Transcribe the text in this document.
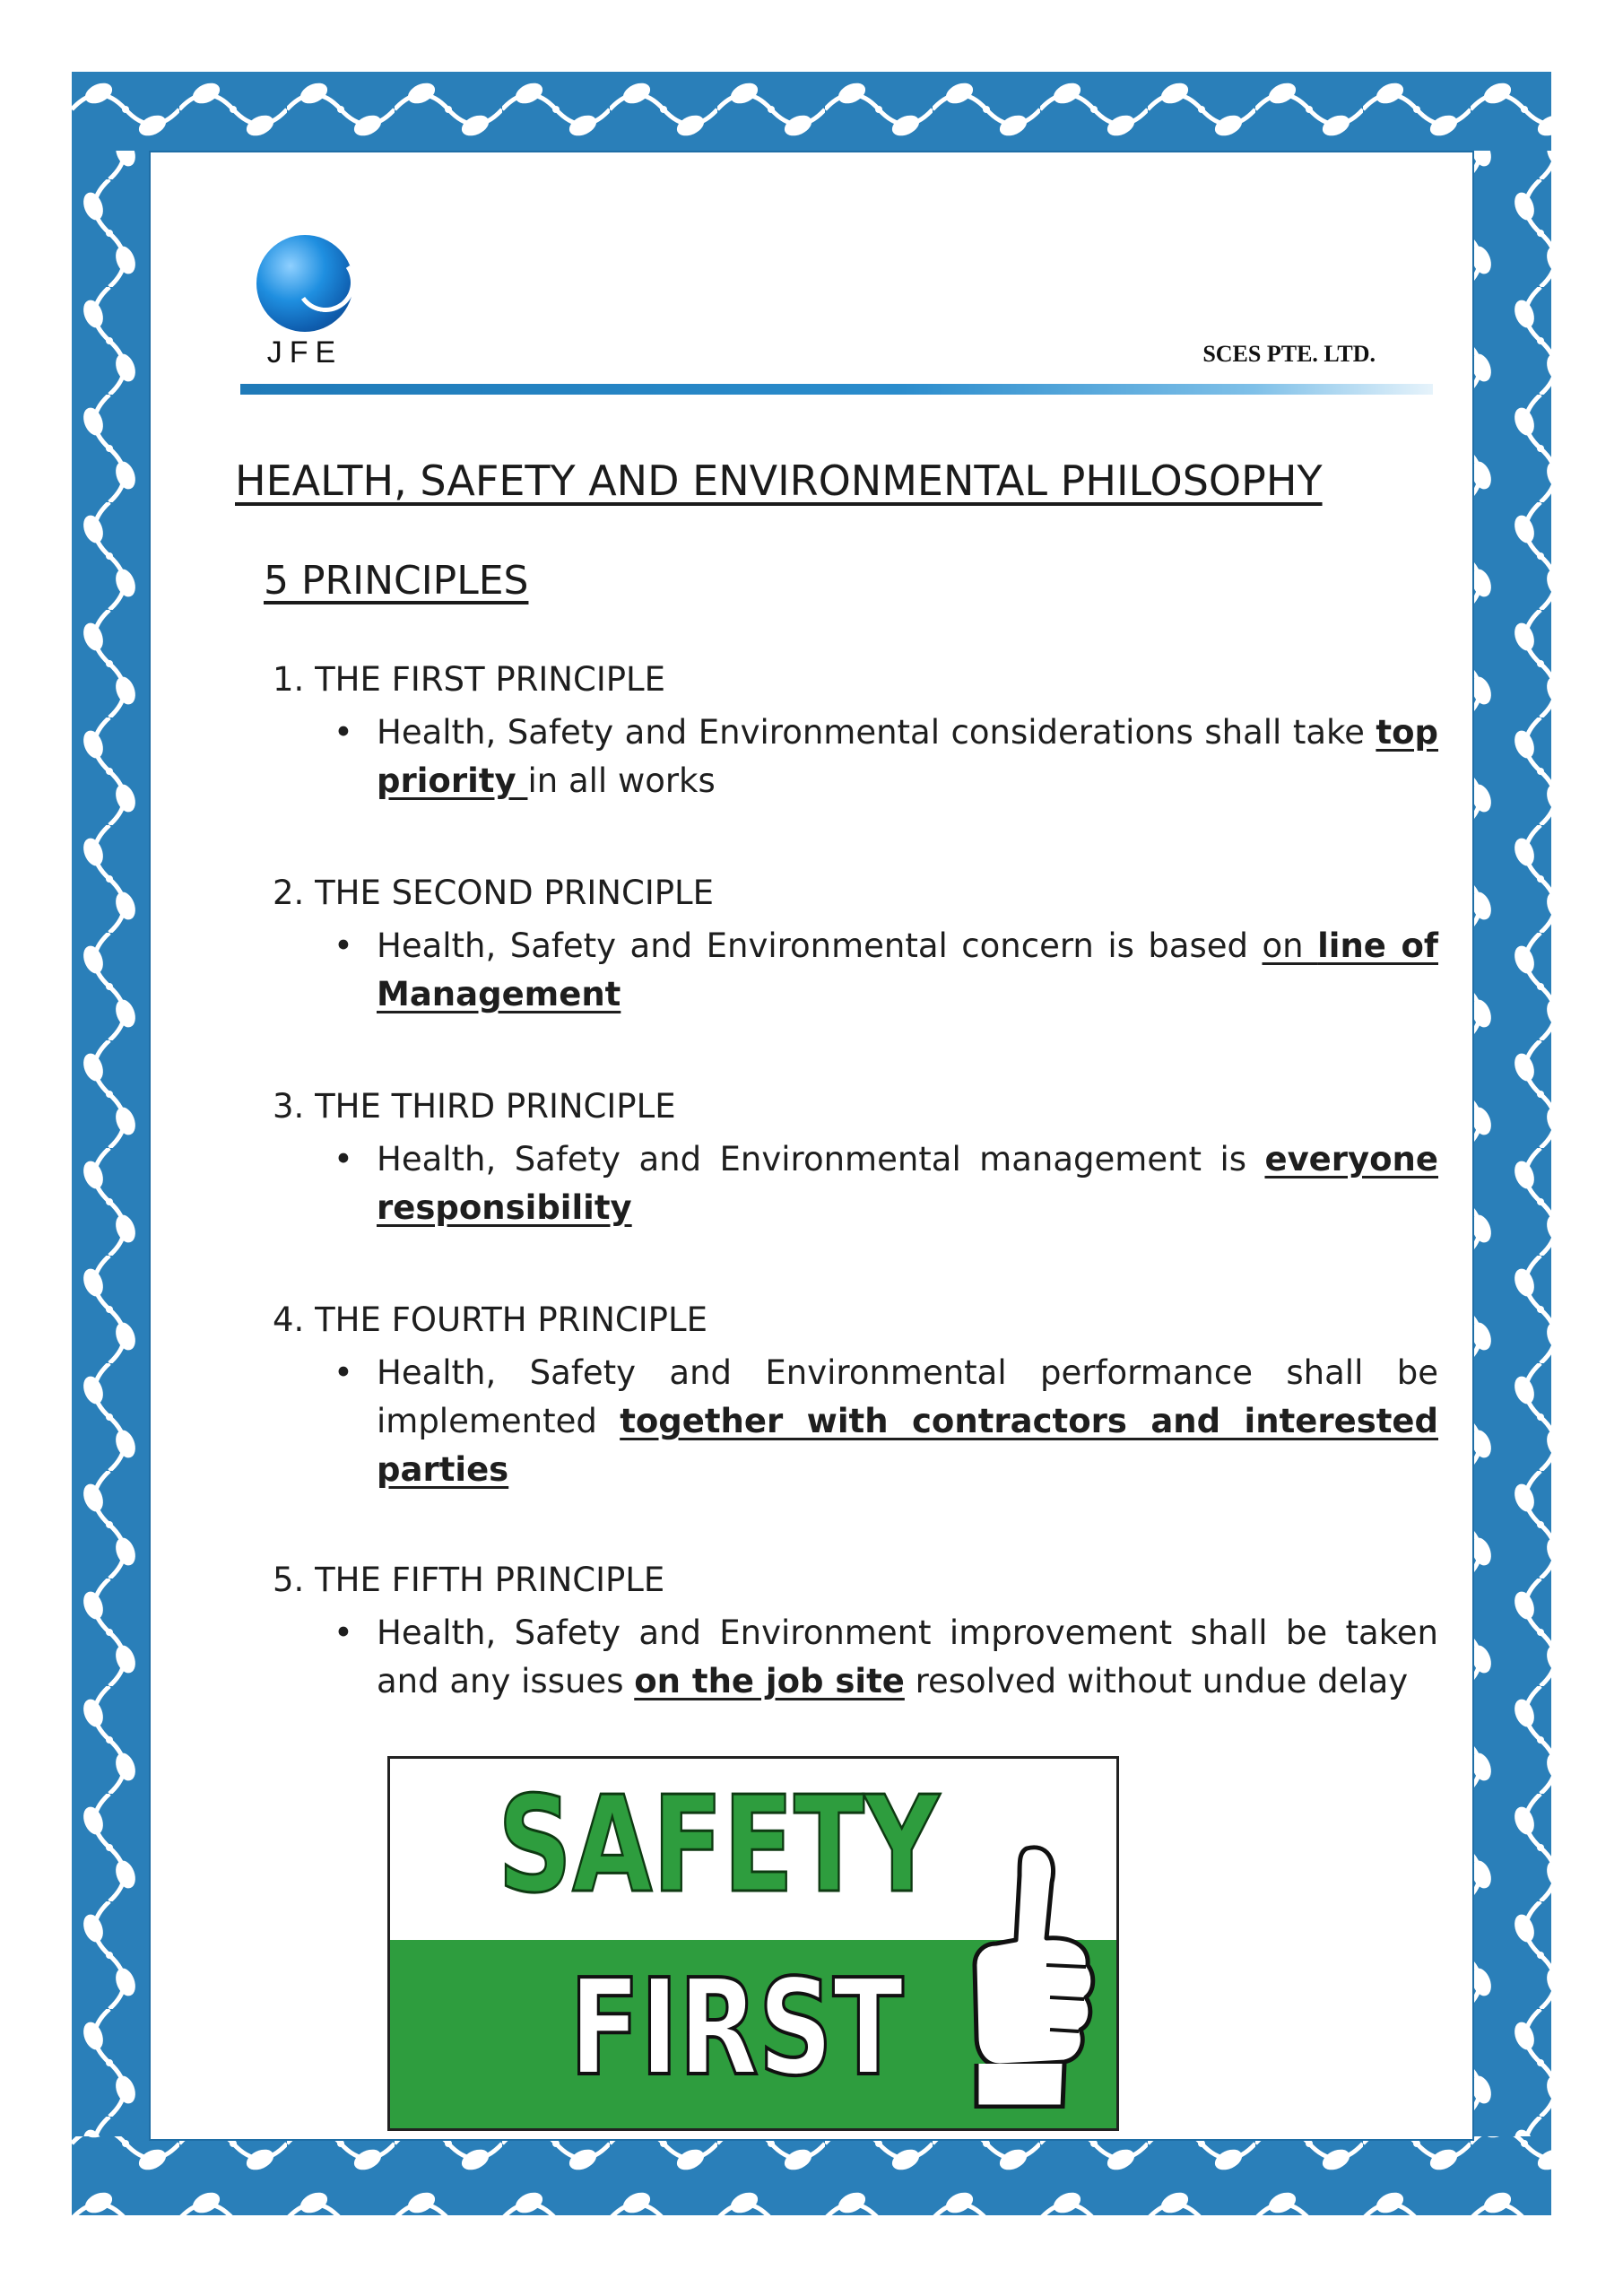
JFE	SCES PTE. LTD.
HEALTH, SAFETY AND ENVIRONMENTAL PHILOSOPHY
5 PRINCIPLES

1. THE FIRST PRINCIPLE

• Health, Safety and Environmental considerations shall take top priority in all works

2. THE SECOND PRINCIPLE

• Health, Safety and Environmental concern is based on line of Management

3. THE THIRD PRINCIPLE

• Health, Safety and Environmental management is everyone responsibility

4. THE FOURTH PRINCIPLE

• Health, Safety and Environmental performance shall be implemented together with contractors and interested parties

5. THE FIFTH PRINCIPLE

• Health, Safety and Environment improvement shall be taken and any issues on the job site resolved without undue delay

SAFETY
FIRST
